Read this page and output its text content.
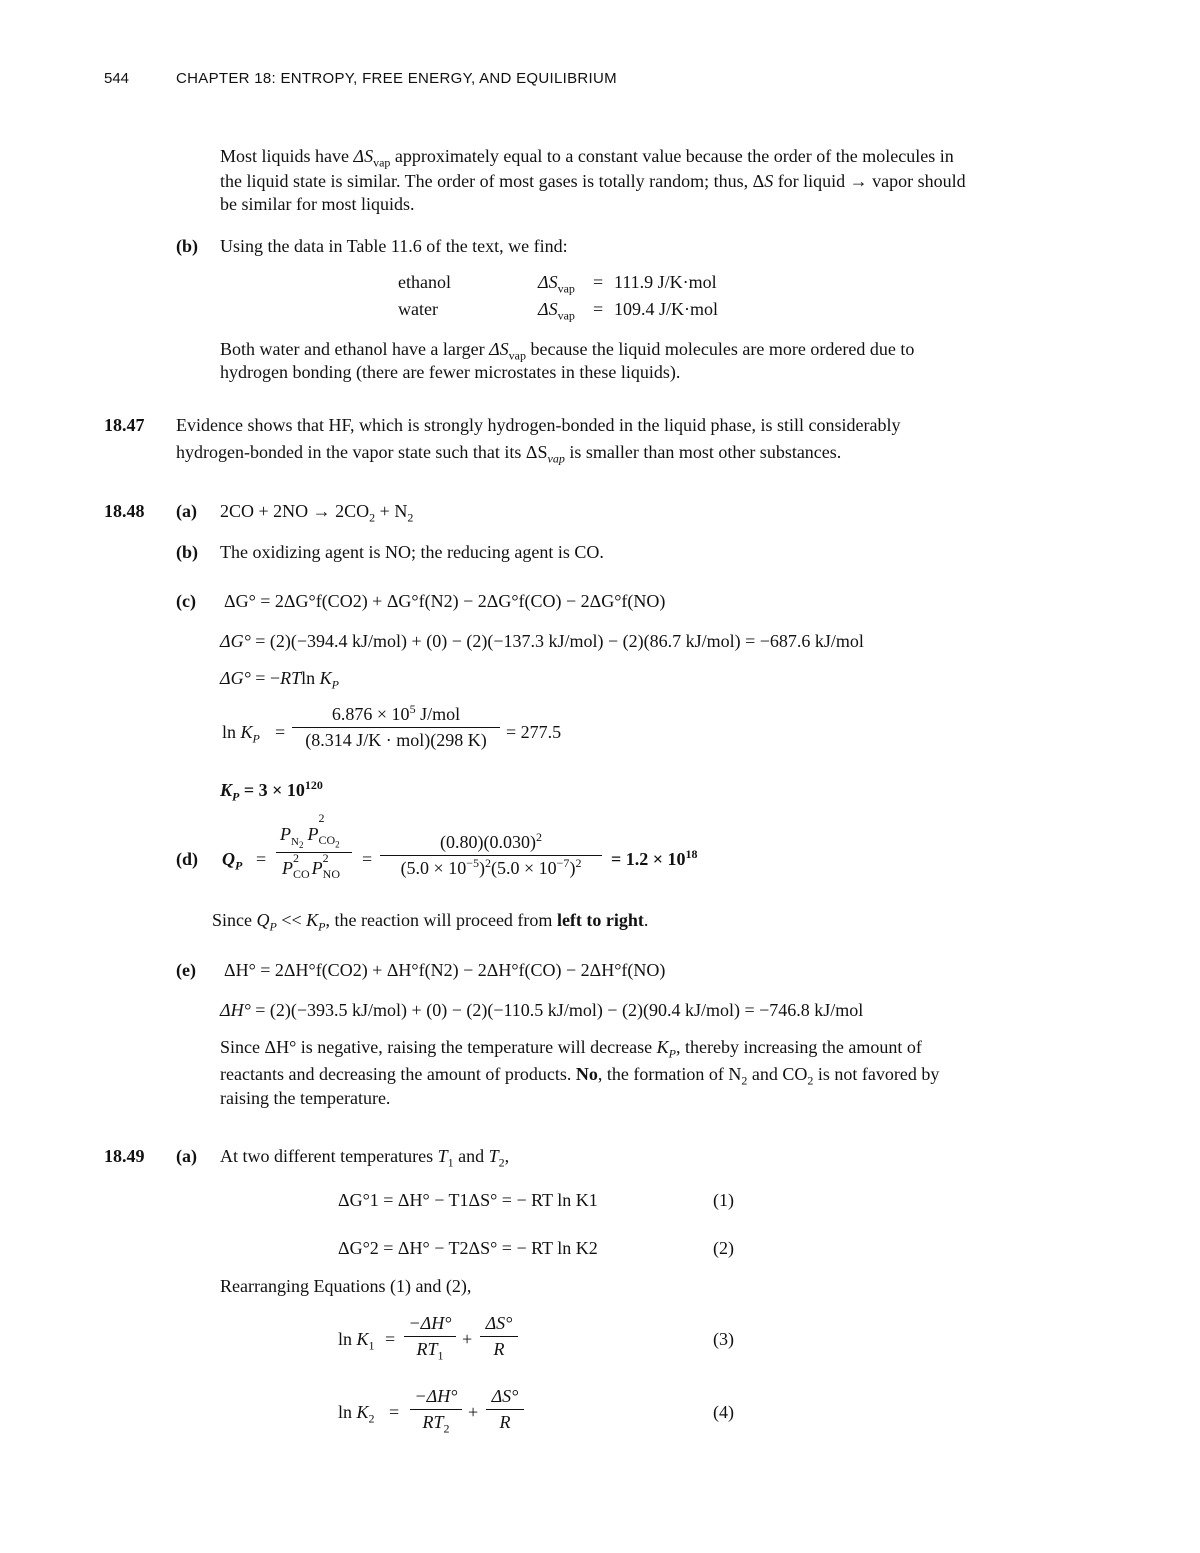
544	CHAPTER 18: ENTROPY, FREE ENERGY, AND EQUILIBRIUM
Most liquids have $\Delta S_{vap}$ approximately equal to a constant value because the order of the molecules in
the liquid state is similar. The order of most gases is totally random; thus, ΔS for liquid → vapor should
be similar for most liquids.
(b) Using the data in Table 11.6 of the text, we find:
ethanol	$\Delta S_{vap} = 111.9$ J/K·mol
water	$\Delta S_{vap} = 109.4$ J/K·mol
Both water and ethanol have a larger $\Delta S_{vap}$ because the liquid molecules are more ordered due to
hydrogen bonding (there are fewer microstates in these liquids).
18.47 Evidence shows that HF, which is strongly hydrogen-bonded in the liquid phase, is still considerably
hydrogen-bonded in the vapor state such that its $\Delta S_{vap}$ is smaller than most other substances.
18.48 (a) $2CO + 2NO \to 2CO_2 + N_2$
(b) The oxidizing agent is NO; the reducing agent is CO.
(c) ΔG° = 2ΔG°f(CO2) + ΔG°f(N2) − 2ΔG°f(CO) − 2ΔG°f(NO)
ΔG° = (2)(−394.4 kJ/mol) + (0) − (2)(−137.3 kJ/mol) − (2)(86.7 kJ/mol) = −687.6 kJ/mol
ΔG° = −RTln $K_P$
$\ln K_P$ =
$6.876 \times 10^5$ J/mol
(8.314 J/K · mol)(298 K)	= 277.5
$K_P = 3 \times 10^{120}$
(d) $Q_P$ =
$P_{N_2}P$
2
$CO_2$
P 2
CO P 2
NO
=
$(0.80)(0.030)^2$
$(5.0 \times 10^{-5})^2(5.0 \times 10^{-7})^2$	= $1.2 \times 10^{18}$
Since $Q_P << K_P$, the reaction will proceed from left to right.
(e) ΔH° = 2ΔH°f(CO2) + ΔH°f(N2) − 2ΔH°f(CO) − 2ΔH°f(NO)
ΔH° = (2)(−393.5 kJ/mol) + (0) − (2)(−110.5 kJ/mol) − (2)(90.4 kJ/mol) = −746.8 kJ/mol
Since ΔH° is negative, raising the temperature will decrease $K_P$, thereby increasing the amount of
reactants and decreasing the amount of products. No, the formation of $N_2$ and $CO_2$ is not favored by
raising the temperature.
18.49 (a) At two different temperatures $T_1$ and $T_2$,
ΔG°1 = ΔH° − T1ΔS° = − RT ln K1	(1)
ΔG°2 = ΔH° − T2ΔS° = − RT ln K2	(2)
Rearranging Equations (1) and (2),
$\ln K_1$ =
−ΔH°
$RT_1$
+
ΔS°
R	(3)
$\ln K_2$ =
−ΔH°
$RT_2$
+
ΔS°
R	(4)
